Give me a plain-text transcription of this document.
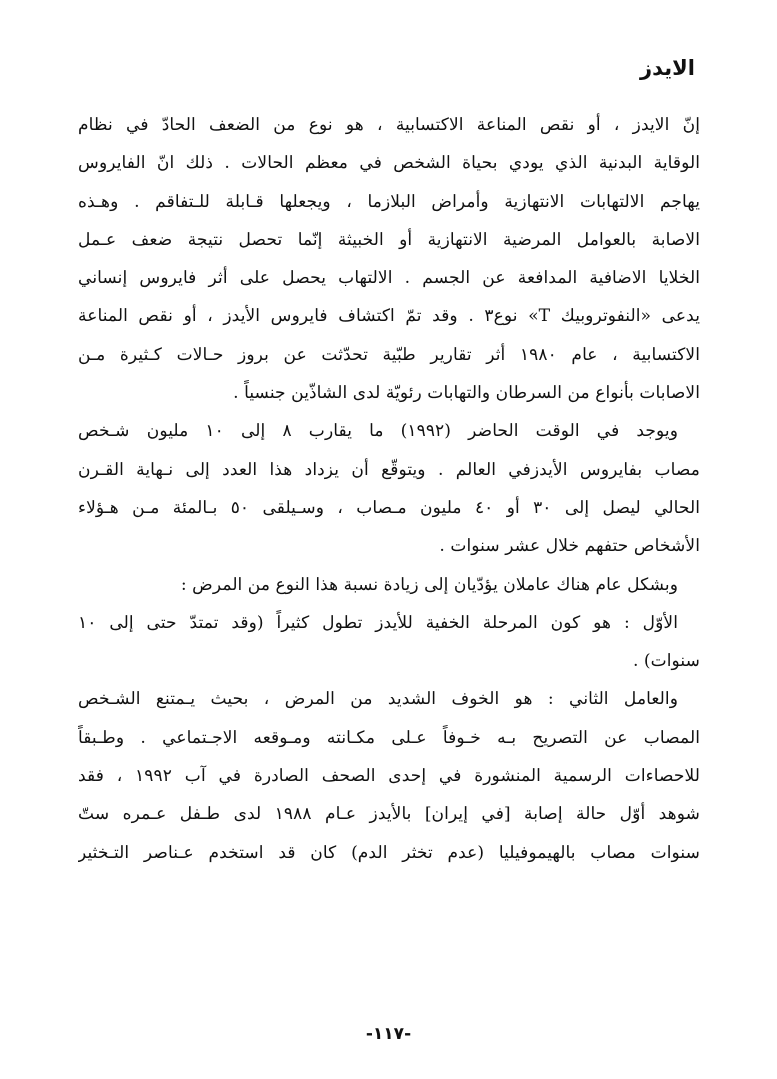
الايدز
إنّ الايدز ، أو نقص المناعة الاكتسابية ، هو نوع من الضعف الحادّ في نظام
الوقاية البدنية الذي يودي بحياة الشخص في معظم الحالات . ذلك انّ الفايروس
يهاجم الالتهابات الانتهازية وأمراض البلازما ، ويجعلها قـابلة للـتفاقم . وهـذه
الاصابة بالعوامل المرضية الانتهازية أو الخبيثة إنّما تحصل نتيجة ضعف عـمل
الخلايا الاضافية المدافعة عن الجسم . الالتهاب يحصل على أثر فايروس إنساني
يدعى «النفوتروبيك T» نوع٣ . وقد تمّ اكتشاف فايروس الأيدز ، أو نقص المناعة
الاكتسابية ، عام ١٩٨٠ أثر تقارير طبّية تحدّثت عن بروز حـالات كـثيرة مـن
الاصابات بأنواع من السرطان والتهابات رئويّة لدى الشاذّين جنسياً .
ويوجد في الوقت الحاضر (١٩٩٢) ما يقارب ٨ إلى ١٠ مليون شـخص
مصاب بفايروس الأيدزفي العالم . ويتوقّع أن يزداد هذا العدد إلى نـهاية القـرن
الحالي ليصل إلى ٣٠ أو ٤٠ مليون مـصاب ، وسـيلقى ٥٠ بـالمئة مـن هـؤلاء
الأشخاص حتفهم خلال عشر سنوات .
وبشكل عام هناك عاملان يؤدّيان إلى زيادة نسبة هذا النوع من المرض :
الأوّل : هو كون المرحلة الخفية للأيدز تطول كثيراً (وقد تمتدّ حتى إلى ١٠
سنوات) .
والعامل الثاني : هو الخوف الشديد من المرض ، بحيث يـمتنع الشـخص
المصاب عن التصريح بـه خـوفاً عـلى مكـانته ومـوقعه الاجـتماعي . وطـبقاً
للاحصاءات الرسمية المنشورة في إحدى الصحف الصادرة في آب ١٩٩٢ ، فقد
شوهد أوّل حالة إصابة [في إيران] بالأيدز عـام ١٩٨٨ لدى طـفل عـمره ستّ
سنوات مصاب بالهيموفيليا (عدم تخثر الدم) كان قد استخدم عـناصر التـخثير
-١١٧-
